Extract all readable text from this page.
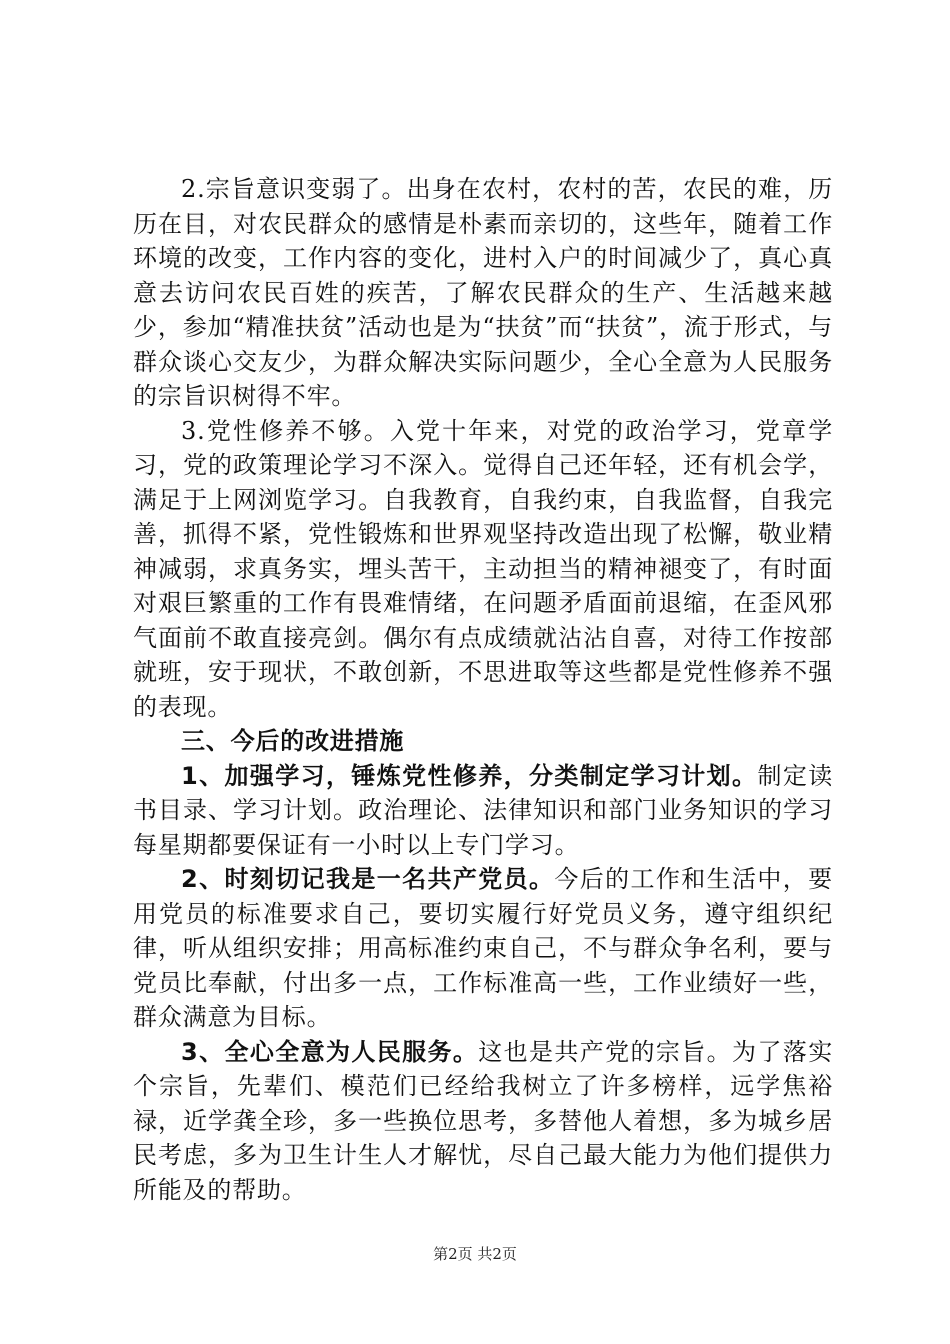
2.宗旨意识变弱了。出身在农村，农村的苦，农民的难，历历在目，对农民群众的感情是朴素而亲切的，这些年，随着工作环境的改变，工作内容的变化，进村入户的时间减少了，真心真意去访问农民百姓的疾苦，了解农民群众的生产、生活越来越少，参加“精准扶贫”活动也是为“扶贫”而“扶贫”，流于形式，与群众谈心交友少，为群众解决实际问题少，全心全意为人民服务的宗旨识树得不牢。

3.党性修养不够。入党十年来，对党的政治学习，党章学习，党的政策理论学习不深入。觉得自己还年轻，还有机会学，满足于上网浏览学习。自我教育，自我约束，自我监督，自我完善，抓得不紧，党性锻炼和世界观坚持改造出现了松懈，敬业精神减弱，求真务实，埋头苦干，主动担当的精神褪变了，有时面对艰巨繁重的工作有畏难情绪，在问题矛盾面前退缩，在歪风邪气面前不敢直接亮剑。偶尔有点成绩就沾沾自喜，对待工作按部就班，安于现状，不敢创新，不思进取等这些都是党性修养不强的表现。

三、今后的改进措施

1、加强学习，锤炼党性修养，分类制定学习计划。制定读书目录、学习计划。政治理论、法律知识和部门业务知识的学习每星期都要保证有一小时以上专门学习。

2、时刻切记我是一名共产党员。今后的工作和生活中，要用党员的标准要求自己，要切实履行好党员义务，遵守组织纪律，听从组织安排；用高标准约束自己，不与群众争名利，要与党员比奉献，付出多一点，工作标准高一些，工作业绩好一些，群众满意为目标。

3、全心全意为人民服务。这也是共产党的宗旨。为了落实个宗旨，先辈们、模范们已经给我树立了许多榜样，远学焦裕禄，近学龚全珍，多一些换位思考，多替他人着想，多为城乡居民考虑，多为卫生计生人才解忧，尽自己最大能力为他们提供力所能及的帮助。

第2页 共2页
